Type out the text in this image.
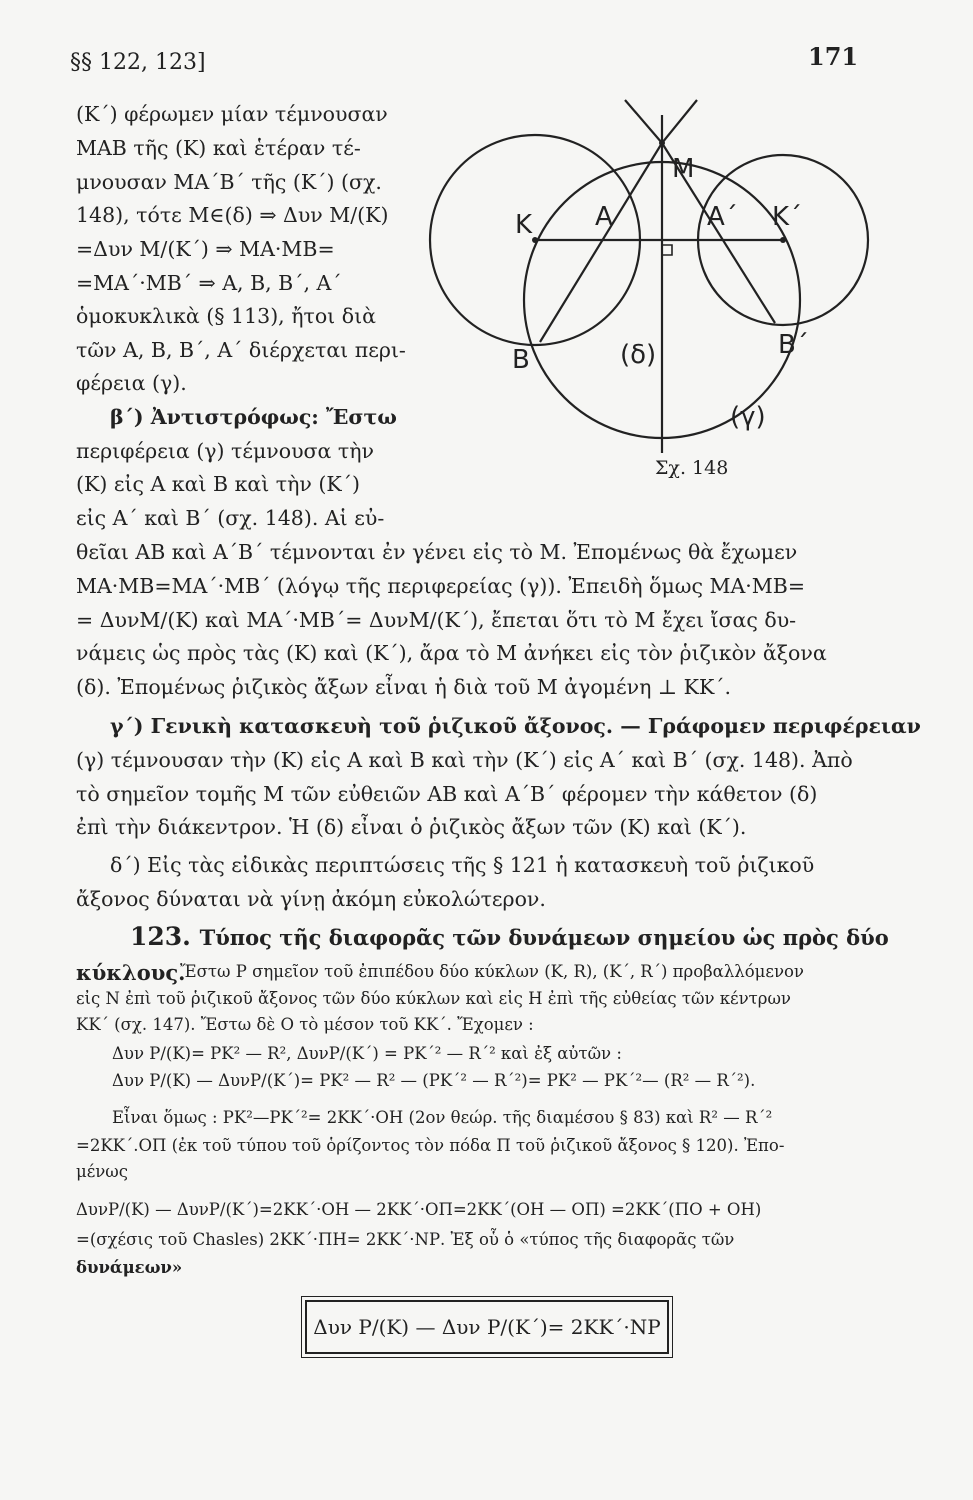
§§ 122, 123]	171
(Κ΄) φέρωμεν μίαν τέμνουσαν
ΜΑΒ τῆς (Κ) καὶ ἑτέραν τέ-
μνουσαν ΜΑ΄Β΄ τῆς (Κ΄) (σχ.
148), τότε Μ∈(δ) ⇒ Δυν Μ/(Κ)
=Δυν Μ/(Κ΄) ⇒ ΜΑ·ΜΒ=
=ΜΑ΄·ΜΒ΄ ⇒ Α, Β, Β΄, Α΄
ὁμοκυκλικὰ (§ 113), ἤτοι διὰ
τῶν Α, Β, Β΄, Α΄ διέρχεται περι-
φέρεια (γ).
β΄) Ἀντιστρόφως: Ἔστω
περιφέρεια (γ) τέμνουσα τὴν
(Κ) εἰς Α καὶ Β καὶ τὴν (Κ΄)
εἰς Α΄ καὶ Β΄ (σχ. 148). Αἱ εὐ-
K A
M
A΄ K΄
B	B΄
(δ)
(γ)
Σχ. 148
θεῖαι ΑΒ καὶ Α΄Β΄ τέμνονται ἐν γένει εἰς τὸ Μ. Ἐπομένως θὰ ἔχωμεν
ΜΑ·ΜΒ=ΜΑ΄·ΜΒ΄ (λόγῳ τῆς περιφερείας (γ)). Ἐπειδὴ ὅμως ΜΑ·ΜΒ=
= ΔυνΜ/(Κ) καὶ ΜΑ΄·ΜΒ΄= ΔυνΜ/(Κ΄), ἔπεται ὅτι τὸ Μ ἔχει ἴσας δυ-
νάμεις ὡς πρὸς τὰς (Κ) καὶ (Κ΄), ἄρα τὸ Μ ἀνήκει εἰς τὸν ῥιζικὸν ἄξονα
(δ). Ἐπομένως ῥιζικὸς ἄξων εἶναι ἡ διὰ τοῦ Μ ἀγομένη ⊥ ΚΚ΄.
γ΄) Γενικὴ κατασκευὴ τοῦ ῥιζικοῦ ἄξονος. — Γράφομεν περιφέρειαν
(γ) τέμνουσαν τὴν (Κ) εἰς Α καὶ Β καὶ τὴν (Κ΄) εἰς Α΄ καὶ Β΄ (σχ. 148). Ἀπὸ
τὸ σημεῖον τομῆς Μ τῶν εὐθειῶν ΑΒ καὶ Α΄Β΄ φέρομεν τὴν κάθετον (δ)
ἐπὶ τὴν διάκεντρον. Ἡ (δ) εἶναι ὁ ῥιζικὸς ἄξων τῶν (Κ) καὶ (Κ΄).
δ΄) Εἰς τὰς εἰδικὰς περιπτώσεις τῆς § 121 ἡ κατασκευὴ τοῦ ῥιζικοῦ
ἄξονος δύναται νὰ γίνῃ ἀκόμη εὐκολώτερον.
123. Τύπος τῆς διαφορᾶς τῶν δυνάμεων σημείου ὡς πρὸς δύο
κύκλους.
Ἔστω Ρ σημεῖον τοῦ ἐπιπέδου δύο κύκλων (Κ, R), (Κ΄, R΄) προβαλλόμενον
εἰς Ν ἐπὶ τοῦ ῥιζικοῦ ἄξονος τῶν δύο κύκλων καὶ εἰς Η ἐπὶ τῆς εὐθείας τῶν κέντρων
ΚΚ΄ (σχ. 147). Ἔστω δὲ Ο τὸ μέσον τοῦ ΚΚ΄. Ἔχομεν :
Δυν Ρ/(Κ)= ΡΚ² — R², ΔυνΡ/(Κ΄) = ΡΚ΄² — R΄² καὶ ἐξ αὐτῶν :
Δυν Ρ/(Κ) — ΔυνΡ/(Κ΄)= ΡΚ² — R² — (ΡΚ΄² — R΄²)= ΡΚ² — ΡΚ΄²— (R² — R΄²).
Εἶναι ὅμως : ΡΚ²—ΡΚ΄²= 2ΚΚ΄·ΟΗ (2ον θεώρ. τῆς διαμέσου § 83) καὶ R² — R΄²
=2ΚΚ΄.ΟΠ (ἐκ τοῦ τύπου τοῦ ὁρίζοντος τὸν πόδα Π τοῦ ῥιζικοῦ ἄξονος § 120). Ἐπο-
μένως
ΔυνΡ/(Κ) — ΔυνΡ/(Κ΄)=2ΚΚ΄·ΟΗ — 2ΚΚ΄·ΟΠ=2ΚΚ΄(ΟΗ — ΟΠ) =2ΚΚ΄(ΠΟ + ΟΗ)
=(σχέσις τοῦ Chasles) 2ΚΚ΄·ΠΗ= 2ΚΚ΄·ΝΡ. Ἐξ οὗ ὁ «τύπος τῆς διαφορᾶς τῶν
δυνάμεων»
Δυν Ρ/(Κ) — Δυν Ρ/(Κ΄)= 2ΚΚ΄·ΝΡ
